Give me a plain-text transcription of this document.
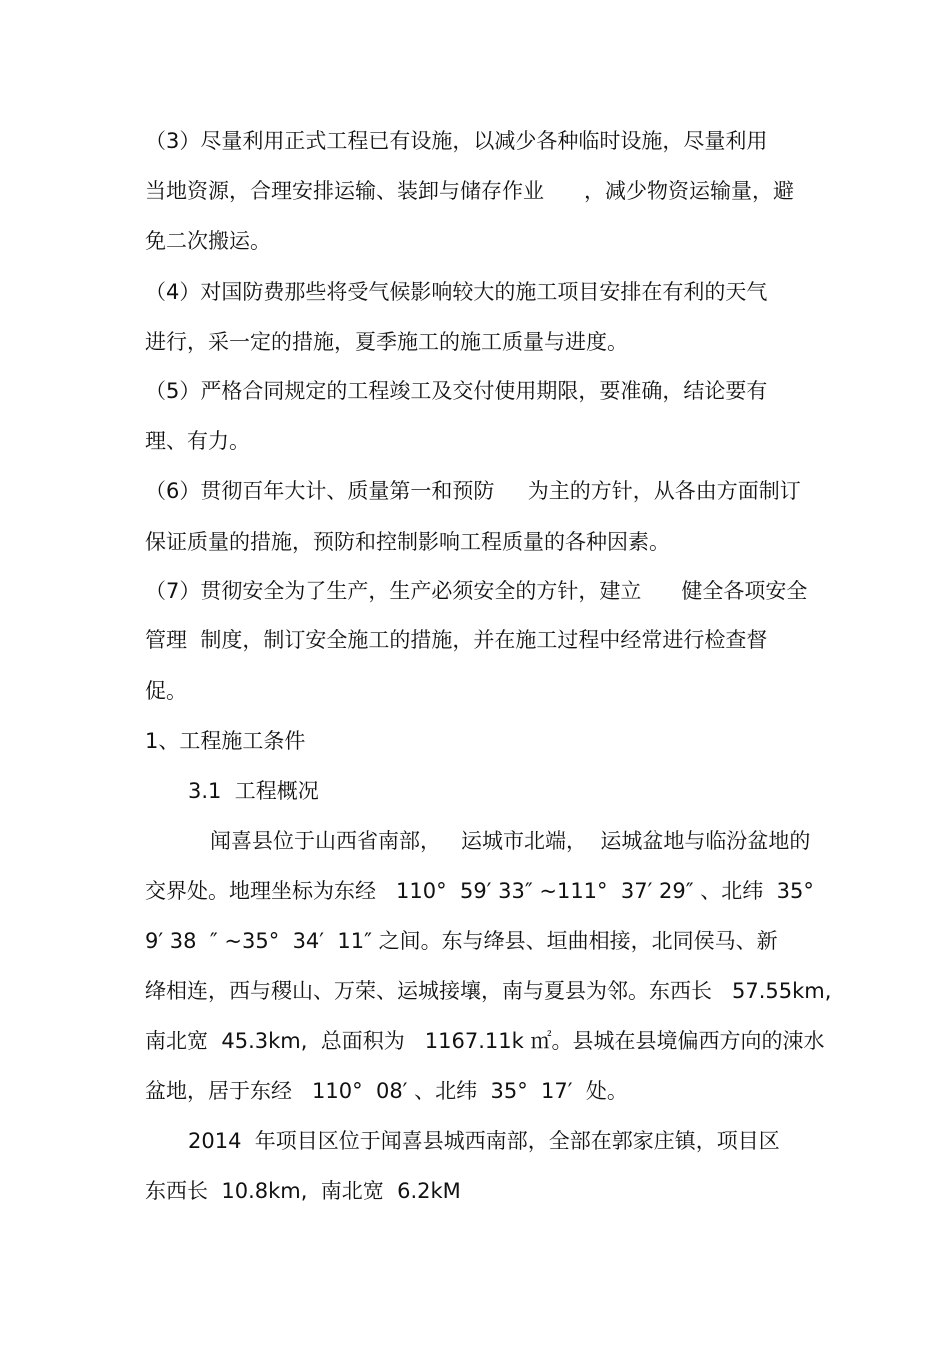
（3）尽量利用正式工程已有设施，以减少各种临时设施，尽量利用
当地资源，合理安排运输、装卸与储存作业      ，减少物资运输量，避
免二次搬运。
（4）对国防费那些将受气候影响较大的施工项目安排在有利的天气
进行，采一定的措施，夏季施工的施工质量与进度。
（5）严格合同规定的工程竣工及交付使用期限，要准确，结论要有
理、有力。
（6）贯彻百年大计、质量第一和预防     为主的方针，从各由方面制订
保证质量的措施，预防和控制影响工程质量的各种因素。
（7）贯彻安全为了生产，生产必须安全的方针，建立      健全各项安全
管理  制度，制订安全施工的措施，并在施工过程中经常进行检查督
促。
1、工程施工条件
3.1  工程概况
闻喜县位于山西省南部，   运城市北端，  运城盆地与临汾盆地的
交界处。地理坐标为东经   110°  59′ 33″ ~111°  37′ 29″ 、北纬  35°
9′ 38  ″ ~35°  34′  11″ 之间。东与绛县、垣曲相接，北同侯马、新
绛相连，西与稷山、万荣、运城接壤，南与夏县为邻。东西长   57.55km,
南北宽  45.3km,  总面积为   1167.11k ㎡。县城在县境偏西方向的涑水
盆地，居于东经   110°  08′ 、北纬  35°  17′  处。
2014  年项目区位于闻喜县城西南部，全部在郭家庄镇，项目区
东西长  10.8km,  南北宽  6.2kM
